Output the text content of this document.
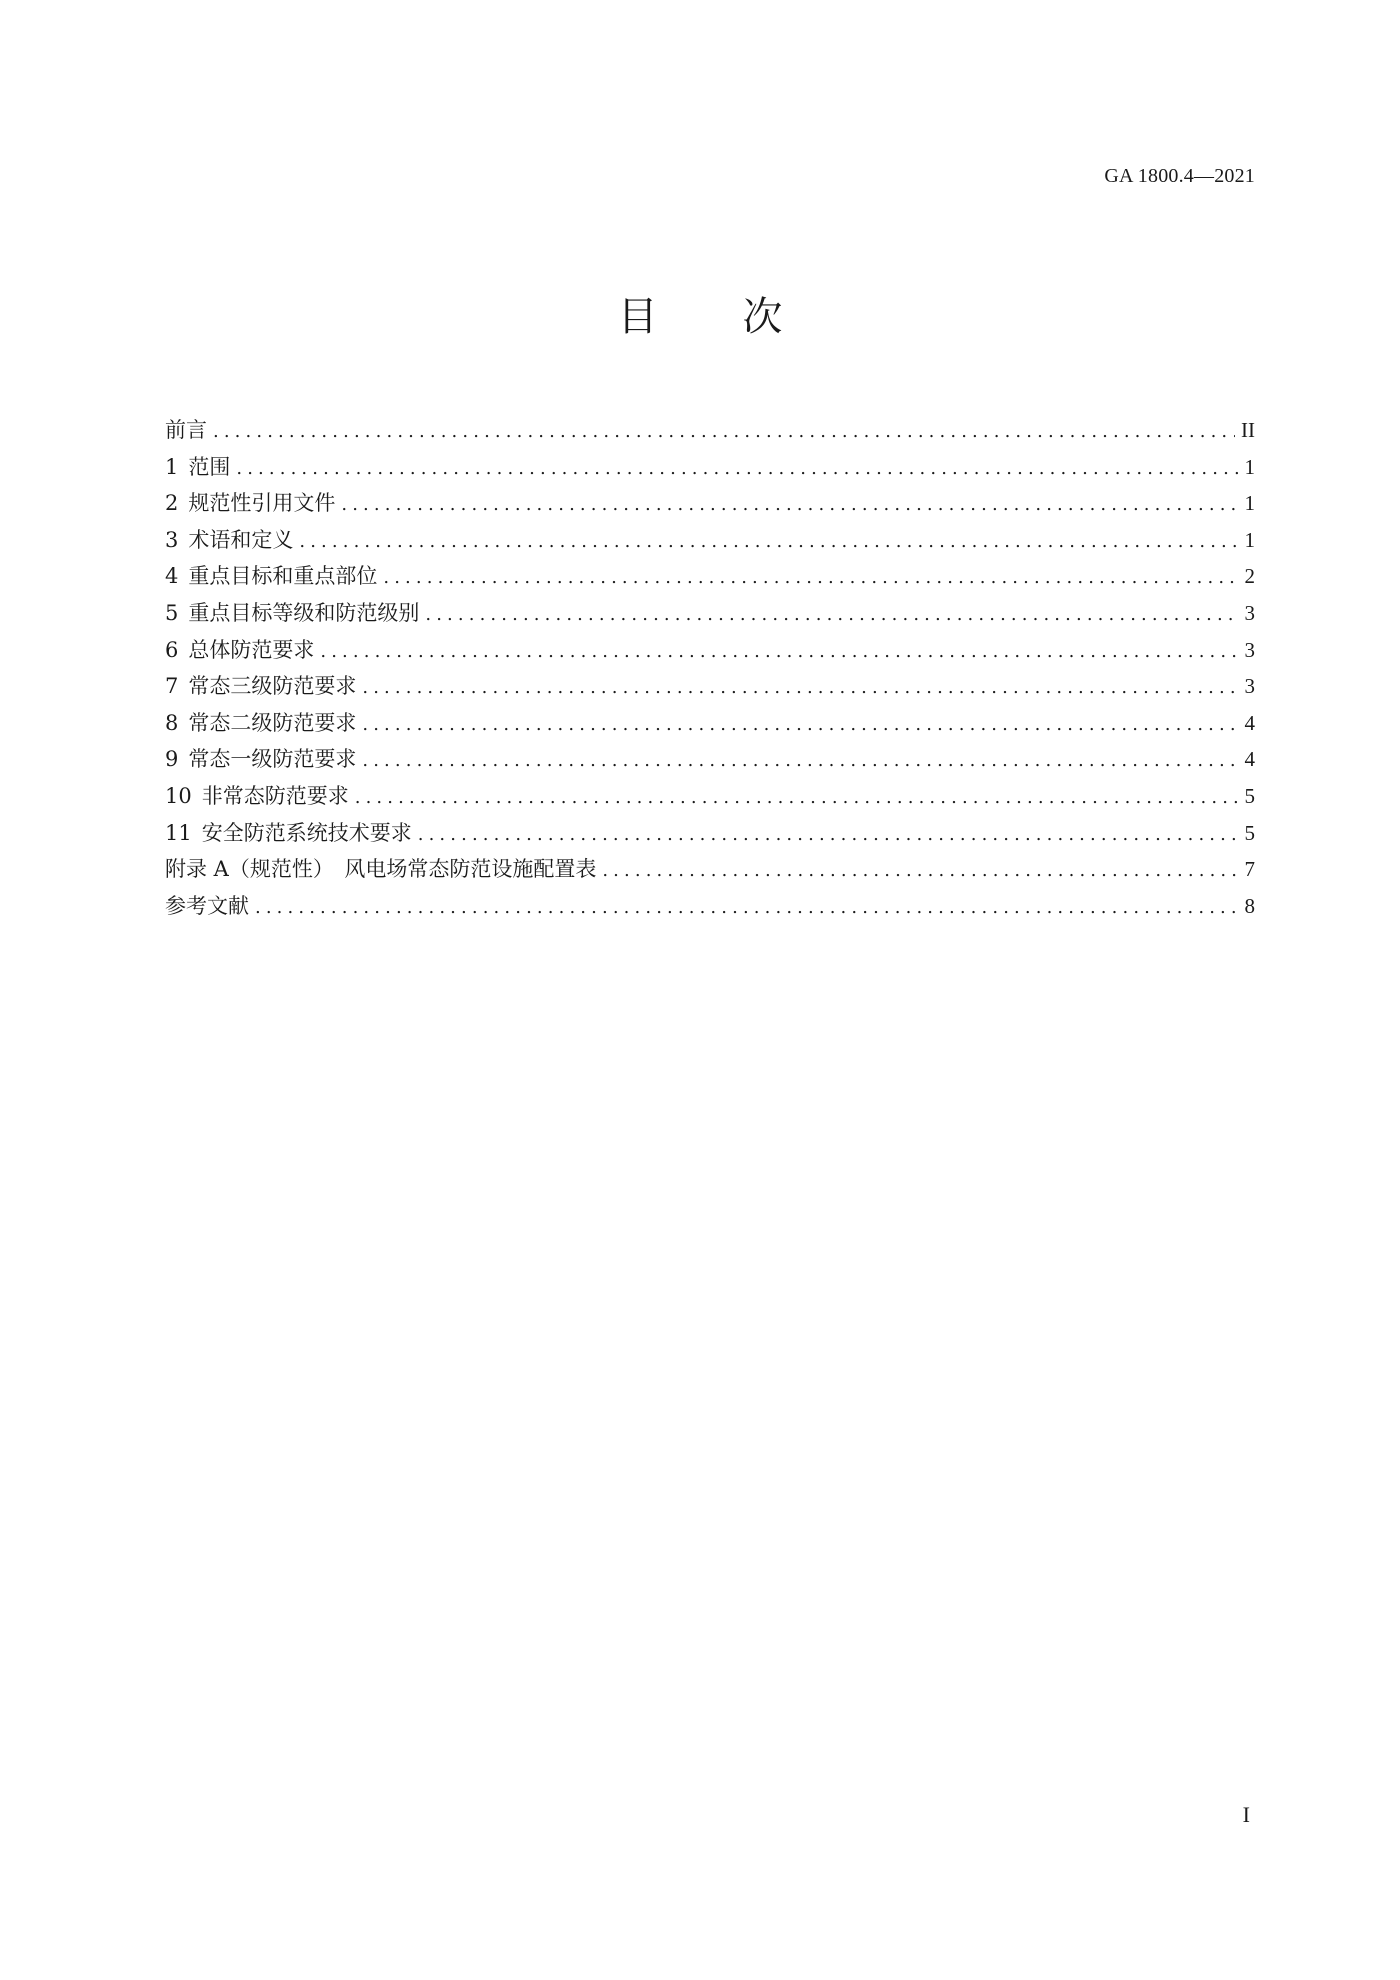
GA 1800.4—2021
目 次
前言 . . .	II
1 范围 . . .	1
2 规范性引用文件 . . .	1
3 术语和定义 . . .	1
4 重点目标和重点部位 . . .	2
5 重点目标等级和防范级别 . . .	3
6 总体防范要求 . . .	3
7 常态三级防范要求 . . .	3
8 常态二级防范要求 . . .	4
9 常态一级防范要求 . . .	4
10 非常态防范要求 . . .	5
11 安全防范系统技术要求 . . .	5
附录 A（规范性）　风电场常态防范设施配置表 . . .	7
参考文献 . . .	8
I
